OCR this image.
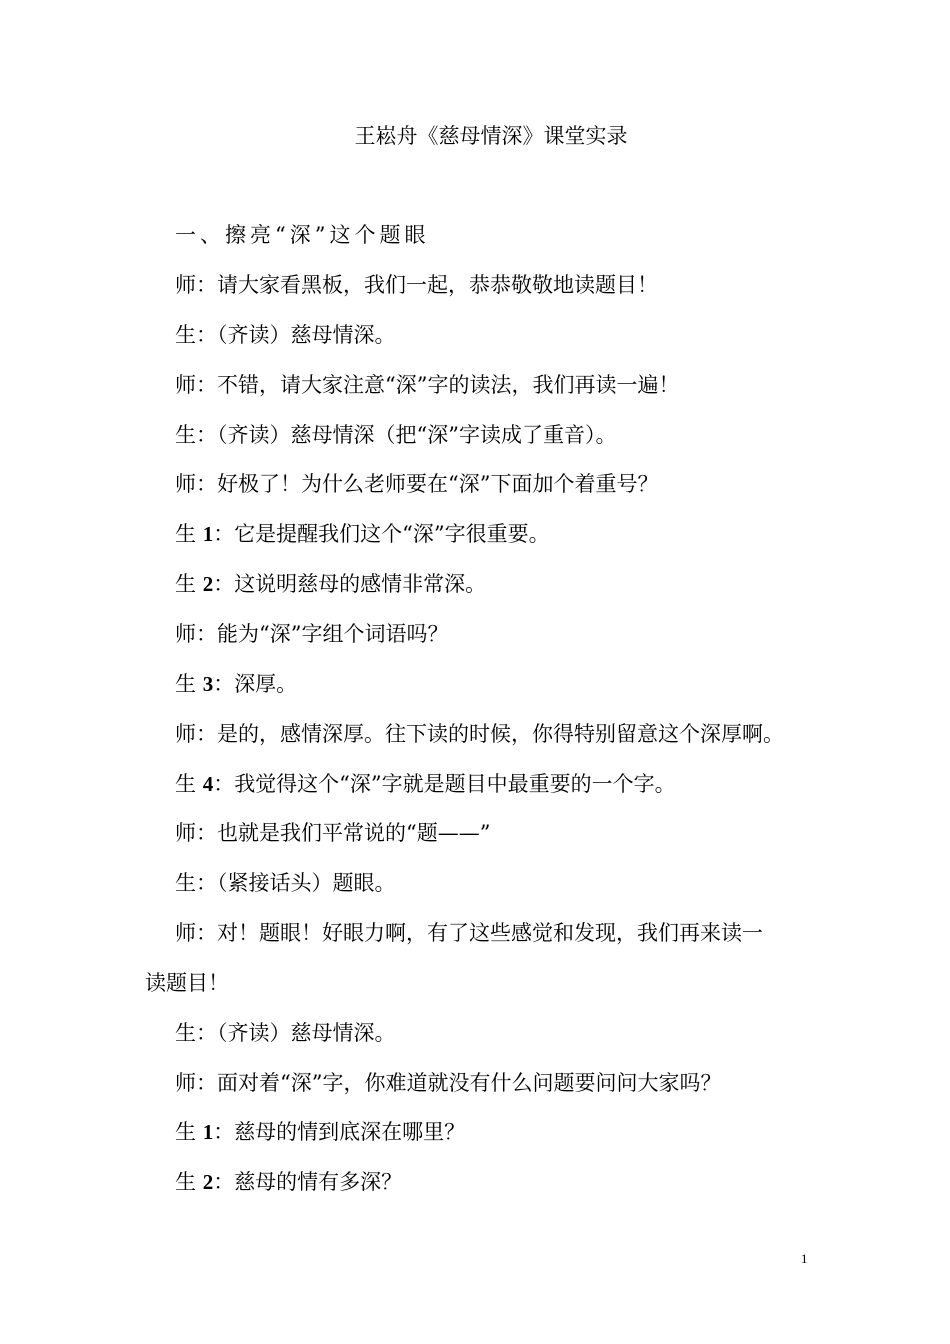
王崧舟《慈母情深》课堂实录
一、擦亮“深”这个题眼
师：请大家看黑板，我们一起，恭恭敬敬地读题目！
生：（齐读）慈母情深。
师：不错，请大家注意“深”字的读法，我们再读一遍！
生：（齐读）慈母情深（把“深”字读成了重音）。
师：好极了！为什么老师要在“深”下面加个着重号？
生 1：它是提醒我们这个“深”字很重要。
生 2：这说明慈母的感情非常深。
师：能为“深”字组个词语吗？
生 3：深厚。
师：是的，感情深厚。往下读的时候，你得特别留意这个深厚啊。
生 4：我觉得这个“深”字就是题目中最重要的一个字。
师：也就是我们平常说的“题——”
生：（紧接话头）题眼。
师：对！题眼！好眼力啊，有了这些感觉和发现，我们再来读一
读题目！
生：（齐读）慈母情深。
师：面对着“深”字，你难道就没有什么问题要问问大家吗？
生 1：慈母的情到底深在哪里？
生 2：慈母的情有多深？
1
